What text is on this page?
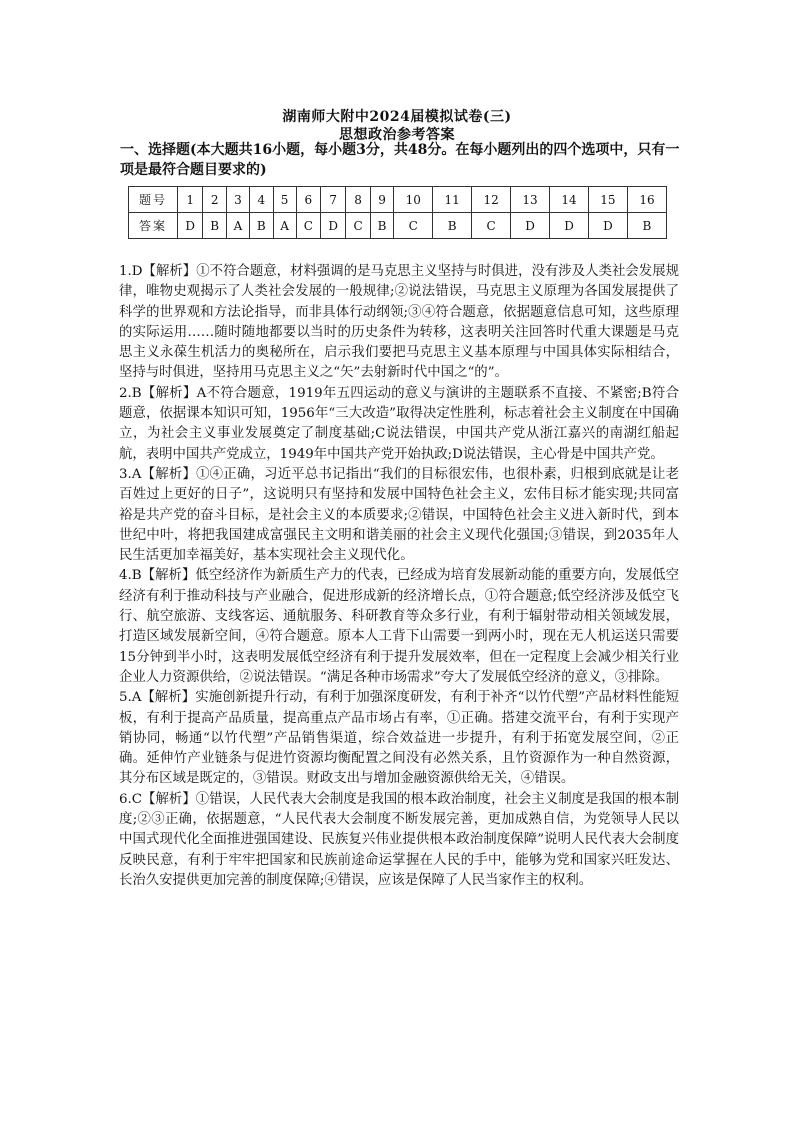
湖南师大附中2024届模拟试卷(三)
思想政治参考答案
一、选择题(本大题共16小题，每小题3分，共48分。在每小题列出的四个选项中，只有一项是最符合题目要求的)
题号	1	2	3	4	5	6	7	8	9	10	11	12	13	14	15	16
答案	D	B	A	B	A	C	D	C	B	C	B	C	D	D	D	B

1.D【解析】①不符合题意，材料强调的是马克思主义坚持与时俱进，没有涉及人类社会发展规律，唯物史观揭示了人类社会发展的一般规律;②说法错误，马克思主义原理为各国发展提供了科学的世界观和方法论指导，而非具体行动纲领;③④符合题意，依据题意信息可知，这些原理的实际运用……随时随地都要以当时的历史条件为转移，这表明关注回答时代重大课题是马克思主义永葆生机活力的奥秘所在，启示我们要把马克思主义基本原理与中国具体实际相结合，坚持与时俱进，坚持用马克思主义之“矢”去射新时代中国之“的”。

2.B【解析】A不符合题意，1919年五四运动的意义与演讲的主题联系不直接、不紧密;B符合题意，依据课本知识可知，1956年“三大改造”取得决定性胜利，标志着社会主义制度在中国确立，为社会主义事业发展奠定了制度基础;C说法错误，中国共产党从浙江嘉兴的南湖红船起航，表明中国共产党成立，1949年中国共产党开始执政;D说法错误，主心骨是中国共产党。

3.A【解析】①④正确，习近平总书记指出“我们的目标很宏伟，也很朴素，归根到底就是让老百姓过上更好的日子”，这说明只有坚持和发展中国特色社会主义，宏伟目标才能实现;共同富裕是共产党的奋斗目标，是社会主义的本质要求;②错误，中国特色社会主义进入新时代，到本世纪中叶，将把我国建成富强民主文明和谐美丽的社会主义现代化强国;③错误，到2035年人民生活更加幸福美好，基本实现社会主义现代化。

4.B【解析】低空经济作为新质生产力的代表，已经成为培育发展新动能的重要方向，发展低空经济有利于推动科技与产业融合，促进形成新的经济增长点，①符合题意;低空经济涉及低空飞行、航空旅游、支线客运、通航服务、科研教育等众多行业，有利于辐射带动相关领域发展，打造区域发展新空间，④符合题意。原本人工背下山需要一到两小时，现在无人机运送只需要15分钟到半小时，这表明发展低空经济有利于提升发展效率，但在一定程度上会减少相关行业企业人力资源供给，②说法错误。“满足各种市场需求”夸大了发展低空经济的意义，③排除。

5.A【解析】实施创新提升行动，有利于加强深度研发，有利于补齐“以竹代塑”产品材料性能短板，有利于提高产品质量，提高重点产品市场占有率，①正确。搭建交流平台，有利于实现产销协同，畅通“以竹代塑”产品销售渠道，综合效益进一步提升，有利于拓宽发展空间，②正确。延伸竹产业链条与促进竹资源均衡配置之间没有必然关系，且竹资源作为一种自然资源，其分布区域是既定的，③错误。财政支出与增加金融资源供给无关，④错误。

6.C【解析】①错误，人民代表大会制度是我国的根本政治制度，社会主义制度是我国的根本制度;②③正确，依据题意，“人民代表大会制度不断发展完善，更加成熟自信，为党领导人民以中国式现代化全面推进强国建设、民族复兴伟业提供根本政治制度保障”说明人民代表大会制度反映民意，有利于牢牢把国家和民族前途命运掌握在人民的手中，能够为党和国家兴旺发达、长治久安提供更加完善的制度保障;④错误，应该是保障了人民当家作主的权利。
